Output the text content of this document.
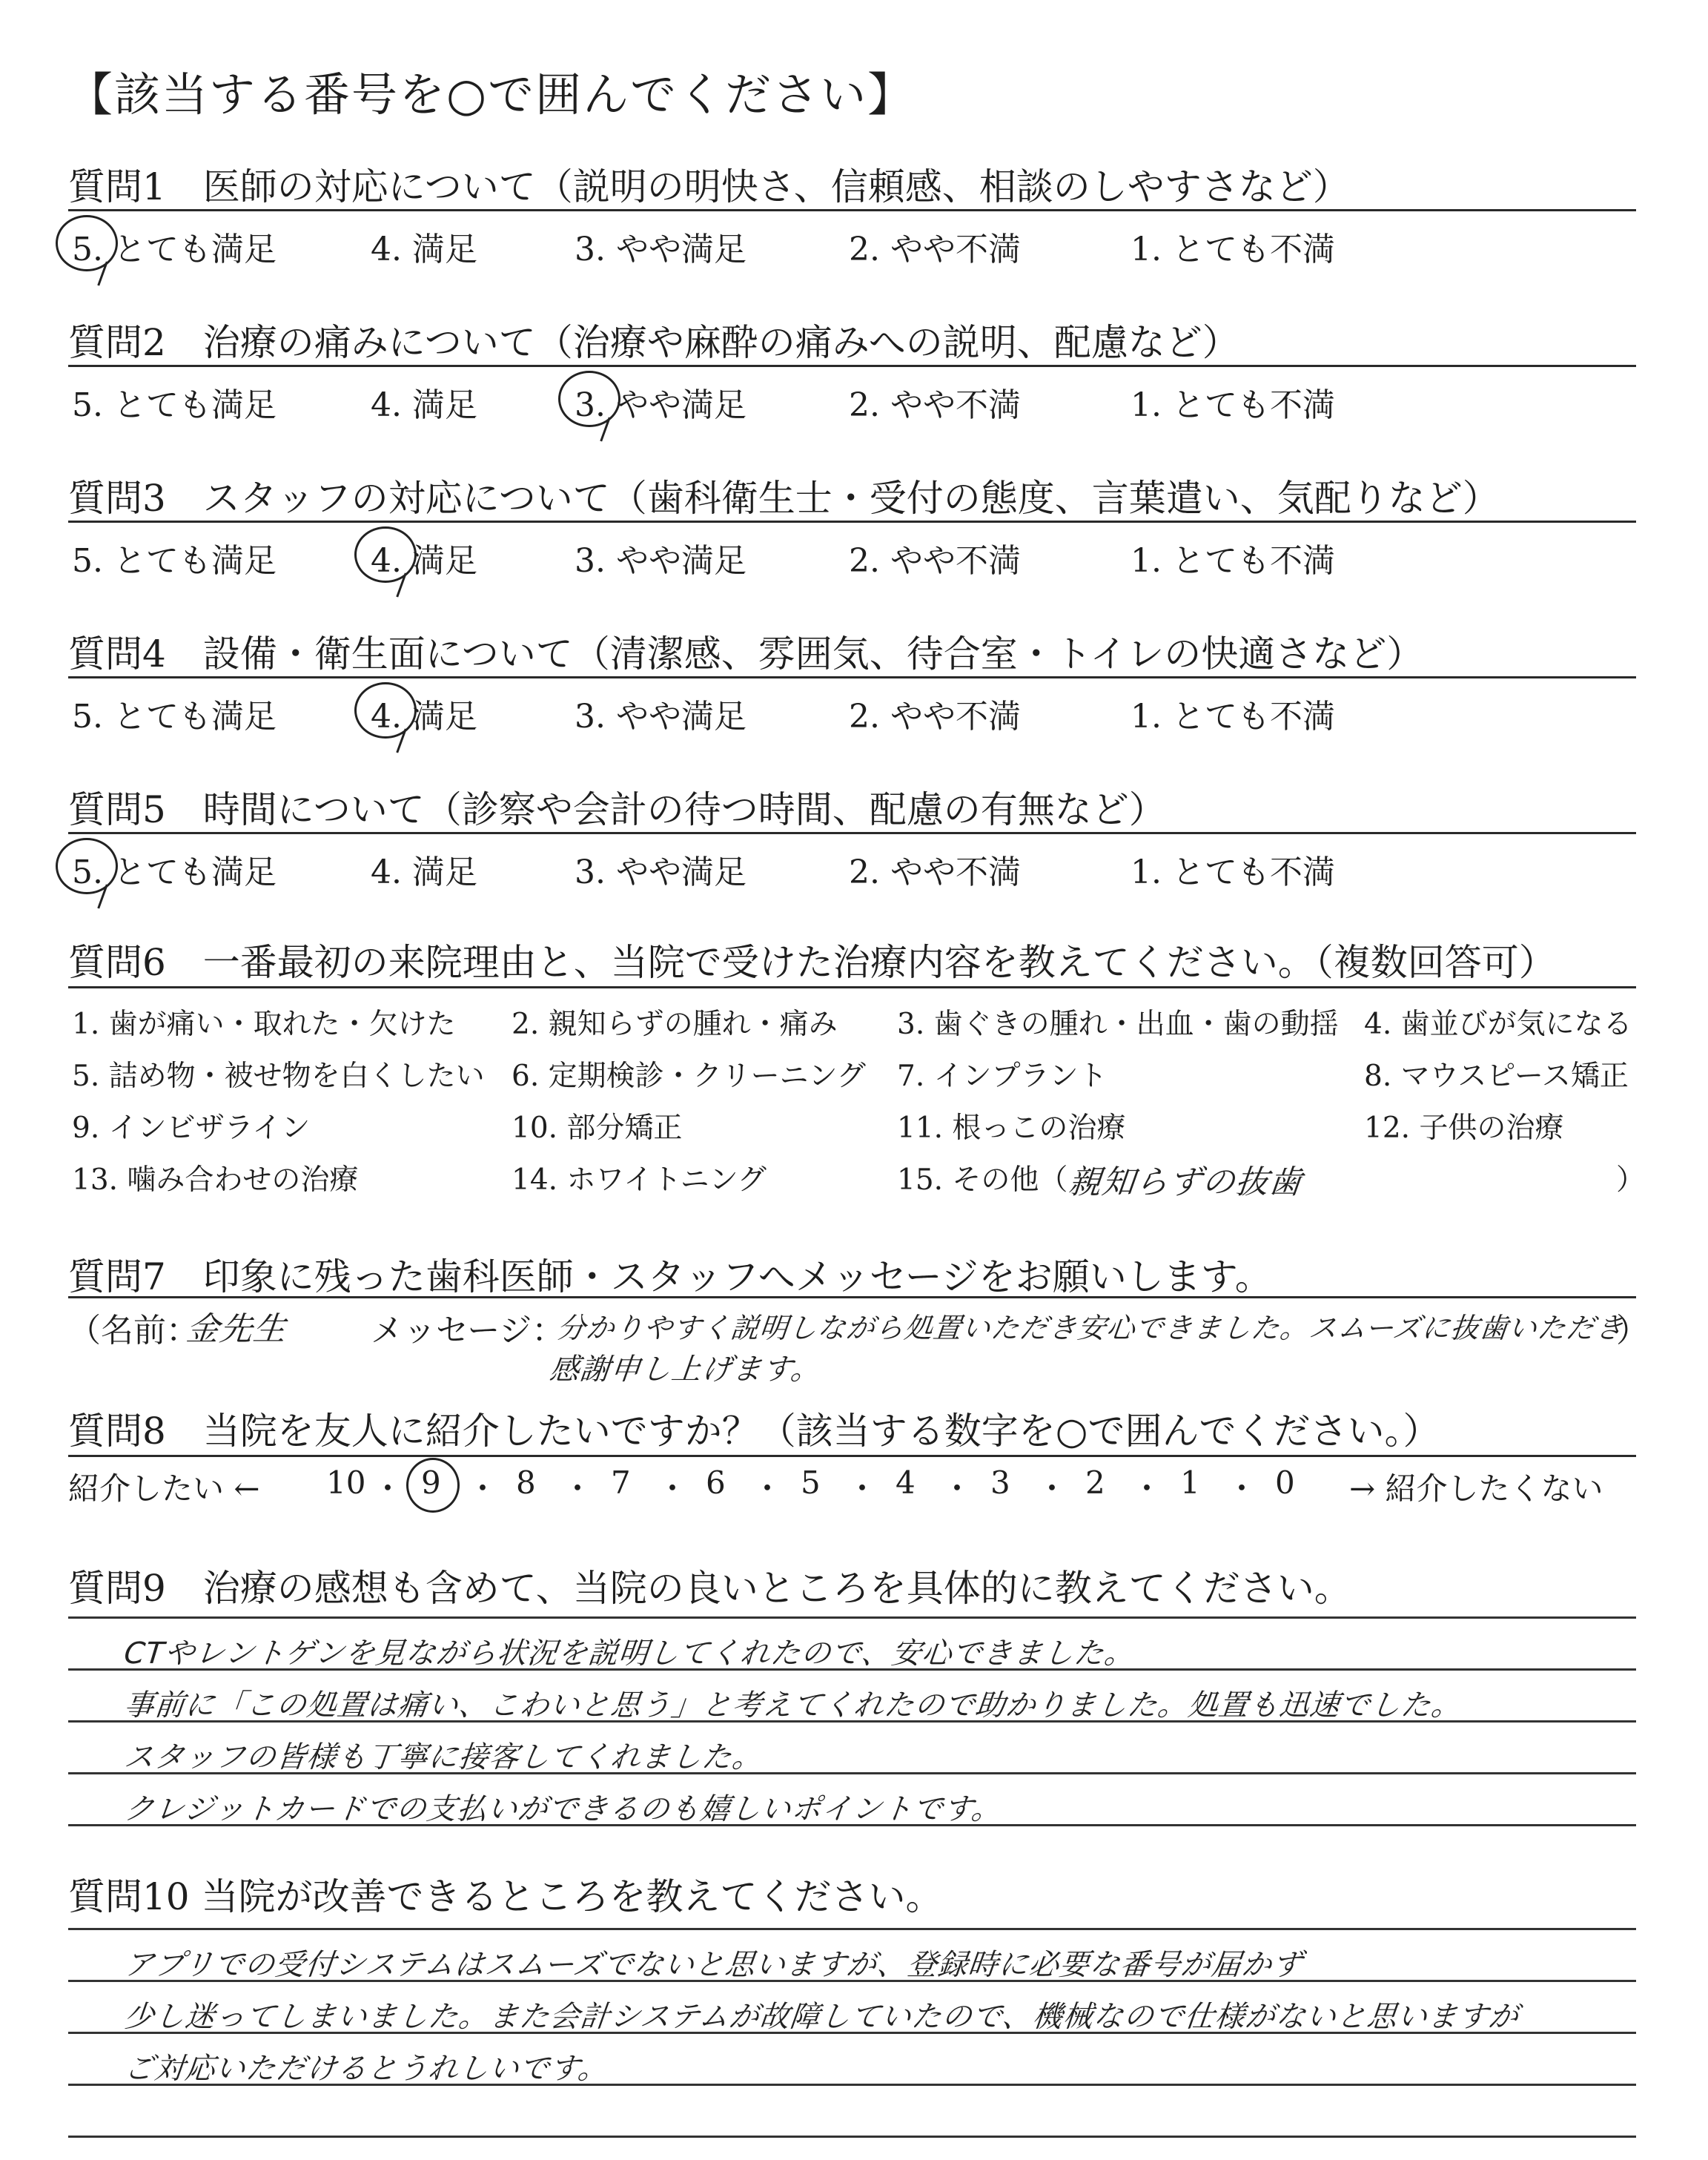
【該当する番号を○で囲んでください】
質問1　医師の対応について（説明の明快さ、信頼感、相談のしやすさなど）
5. とても満足	4. 満足	3. やや満足	2. やや不満	1. とても不満
質問2　治療の痛みについて（治療や麻酔の痛みへの説明、配慮など）
5. とても満足	4. 満足	3. やや満足	2. やや不満	1. とても不満
質問3　スタッフの対応について（歯科衛生士・受付の態度、言葉遣い、気配りなど）
5. とても満足	4. 満足	3. やや満足	2. やや不満	1. とても不満
質問4　設備・衛生面について（清潔感、雰囲気、待合室・トイレの快適さなど）
5. とても満足	4. 満足	3. やや満足	2. やや不満	1. とても不満
質問5　時間について（診察や会計の待つ時間、配慮の有無など）
5. とても満足	4. 満足	3. やや満足	2. やや不満	1. とても不満
質問6　一番最初の来院理由と、当院で受けた治療内容を教えてください。（複数回答可）
1. 歯が痛い・取れた・欠けた 2. 親知らずの腫れ・痛み 3. 歯ぐきの腫れ・出血・歯の動揺 4. 歯並びが気になる
5. 詰め物・被せ物を白くしたい 6. 定期検診・クリーニング 7. インプラント	8. マウスピース矯正
9. インビザライン	10. 部分矯正	11. 根っこの治療	12. 子供の治療
13. 噛み合わせの治療	14. ホワイトニング	15. その他（
親知らずの抜歯	）
質問7　印象に残った歯科医師・スタッフへメッセージをお願いします。
（名前：
金先生	メッセージ：
分かりやすく説明しながら処置いただき安心できました。スムーズに抜歯いただき
）
感謝申し上げます。
質問8　当院を友人に紹介したいですか？（該当する数字を○で囲んでください。）
紹介したい ← 10 ・ 9 ・ 8 ・ 7 ・ 6 ・ 5 ・ 4 ・ 3 ・ 2 ・ 1 ・ 0 → 紹介したくない
質問9　治療の感想も含めて、当院の良いところを具体的に教えてください。
CTやレントゲンを見ながら状況を説明してくれたので、安心できました。
事前に「この処置は痛い、こわいと思う」と考えてくれたので助かりました。処置も迅速でした。
スタッフの皆様も丁寧に接客してくれました。
クレジットカードでの支払いができるのも嬉しいポイントです。
質問10 当院が改善できるところを教えてください。
アプリでの受付システムはスムーズでないと思いますが、登録時に必要な番号が届かず
少し迷ってしまいました。また会計システムが故障していたので、機械なので仕様がないと思いますが
ご対応いただけるとうれしいです。
